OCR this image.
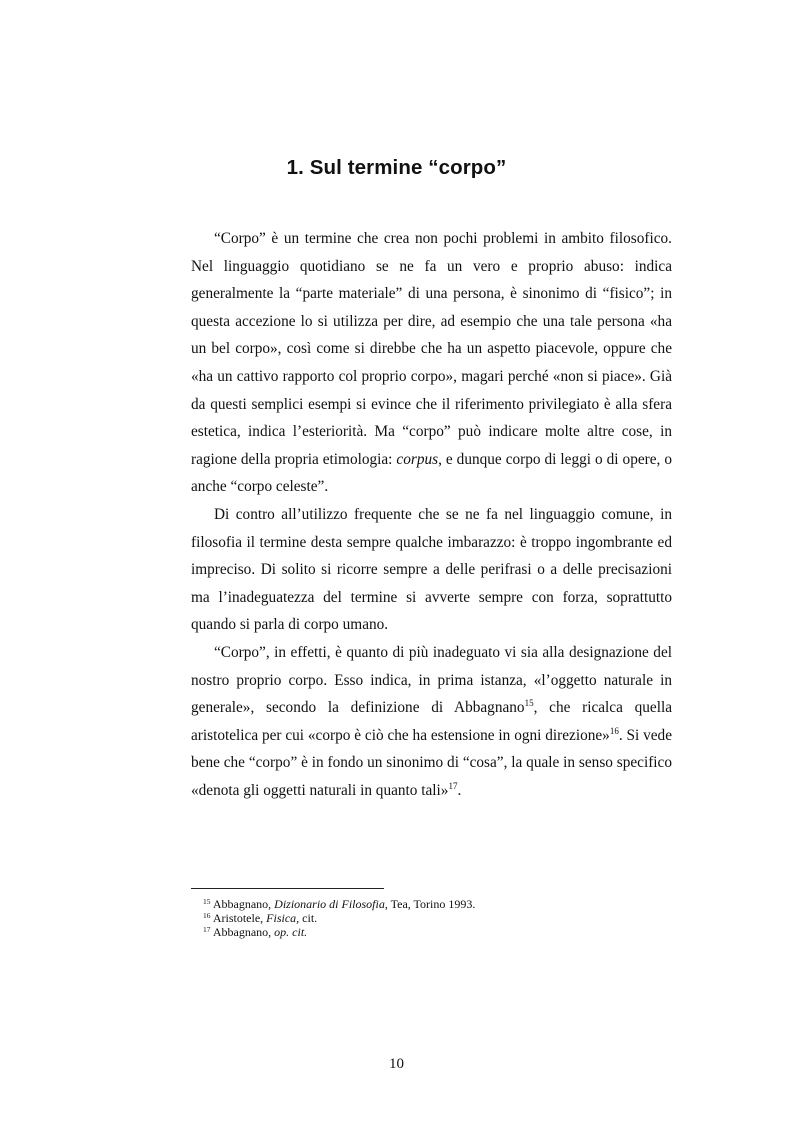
1. Sul termine “corpo”

“Corpo” è un termine che crea non pochi problemi in ambito filosofico. Nel linguaggio quotidiano se ne fa un vero e proprio abuso: indica generalmente la “parte materiale” di una persona, è sinonimo di “fisico”; in questa accezione lo si utilizza per dire, ad esempio che una tale persona «ha un bel corpo», così come si direbbe che ha un aspetto piacevole, oppure che «ha un cattivo rapporto col proprio corpo», magari perché «non si piace». Già da questi semplici esempi si evince che il riferimento privilegiato è alla sfera estetica, indica l’esteriorità. Ma “corpo” può indicare molte altre cose, in ragione della propria etimologia: corpus, e dunque corpo di leggi o di opere, o anche “corpo celeste”.

Di contro all’utilizzo frequente che se ne fa nel linguaggio comune, in filosofia il termine desta sempre qualche imbarazzo: è troppo ingombrante ed impreciso. Di solito si ricorre sempre a delle perifrasi o a delle precisazioni ma l’inadeguatezza del termine si avverte sempre con forza, soprattutto quando si parla di corpo umano.

“Corpo”, in effetti, è quanto di più inadeguato vi sia alla designazione del nostro proprio corpo. Esso indica, in prima istanza, «l’oggetto naturale in generale», secondo la definizione di Abbagnano$^{15}$, che ricalca quella aristotelica per cui «corpo è ciò che ha estensione in ogni direzione»$^{16}$. Si vede bene che “corpo” è in fondo un sinonimo di “cosa”, la quale in senso specifico «denota gli oggetti naturali in quanto tali»$^{17}$.

$^{15}$ Abbagnano, Dizionario di Filosofia, Tea, Torino 1993.
$^{16}$ Aristotele, Fisica, cit.
$^{17}$ Abbagnano, op. cit.
10
